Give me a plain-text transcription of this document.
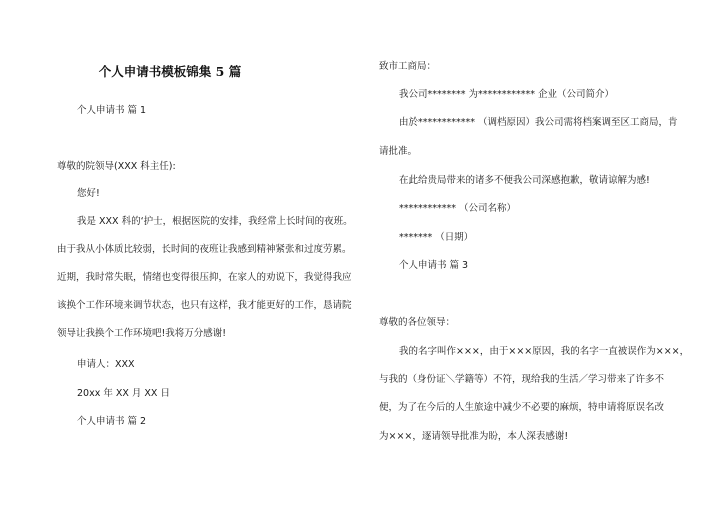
个人申请书模板锦集 5 篇
个人申请书 篇 1
尊敬的院领导(XXX 科主任):
您好!
我是 XXX 科的‘护士，根据医院的安排，我经常上长时间的夜班。
由于我从小体质比较弱，长时间的夜班让我感到精神紧张和过度劳累。
近期，我时常失眠，情绪也变得很压抑，在家人的劝说下，我觉得我应
该换个工作环境来调节状态，也只有这样，我才能更好的工作，恳请院
领导让我换个工作环境吧!我将万分感谢!
申请人：XXX
20xx 年 XX 月 XX 日
个人申请书 篇 2
致市工商局：
我公司******** 为************ 企业（公司简介）
由於************ （调档原因）我公司需将档案调至区工商局，肯
请批准。
在此给贵局带来的诸多不便我公司深感抱歉，敬请谅解为感!
************ （公司名称）
******* （日期）
个人申请书 篇 3
尊敬的各位领导：
我的名字叫作×××，由于×××原因，我的名字一直被误作为×××，
与我的（身份证＼学籍等）不符，现给我的生活／学习带来了许多不
便，为了在今后的人生旅途中减少不必要的麻烦，特申请将原误名改
为×××，逐请领导批准为盼，本人深表感谢!
